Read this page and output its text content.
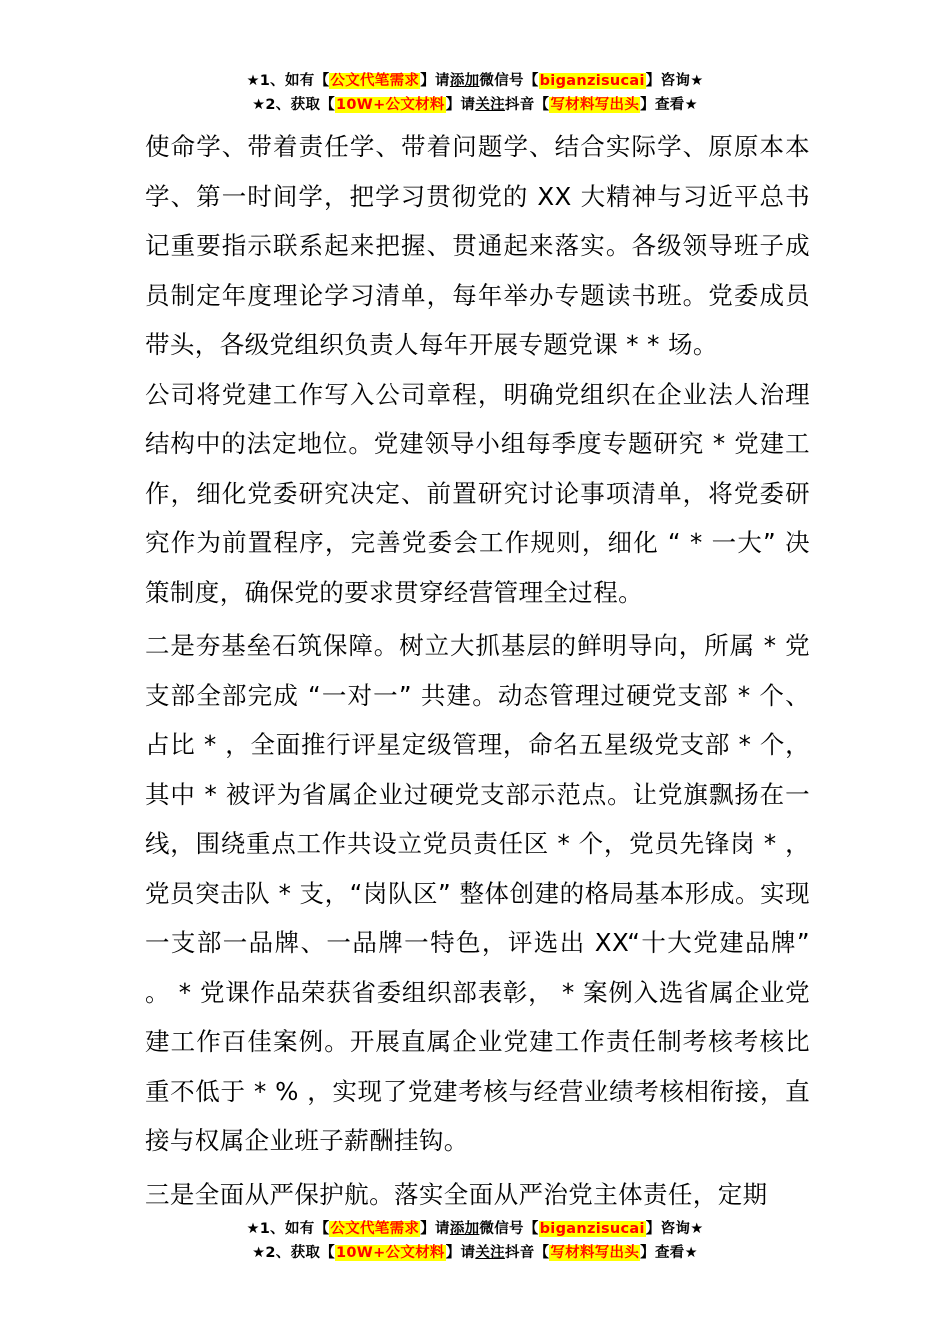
★1、如有【公文代笔需求】请添加微信号【biganzisucai】咨询★
★2、获取【10W+公文材料】请关注抖音【写材料写出头】查看★

使命学、带着责任学、带着问题学、结合实际学、原原本本学、第一时间学，把学习贯彻党的 XX 大精神与习近平总书记重要指示联系起来把握、贯通起来落实。各级领导班子成员制定年度理论学习清单，每年举办专题读书班。党委成员带头，各级党组织负责人每年开展专题党课 * * 场。

公司将党建工作写入公司章程，明确党组织在企业法人治理结构中的法定地位。党建领导小组每季度专题研究 * 党建工作，细化党委研究决定、前置研究讨论事项清单，将党委研究作为前置程序，完善党委会工作规则，细化 “ * 一大” 决策制度，确保党的要求贯穿经营管理全过程。

二是夯基垒石筑保障。树立大抓基层的鲜明导向，所属 * 党支部全部完成 “一对一” 共建。动态管理过硬党支部 * 个、占比 * ，全面推行评星定级管理，命名五星级党支部 * 个，其中 * 被评为省属企业过硬党支部示范点。让党旗飘扬在一线，围绕重点工作共设立党员责任区 * 个，党员先锋岗 * ，党员突击队 * 支，“岗队区” 整体创建的格局基本形成。实现一支部一品牌、一品牌一特色，评选出 XX“十大党建品牌” 。 * 党课作品荣获省委组织部表彰， * 案例入选省属企业党建工作百佳案例。开展直属企业党建工作责任制考核考核比重不低于 * % ，实现了党建考核与经营业绩考核相衔接，直接与权属企业班子薪酬挂钩。

三是全面从严保护航。落实全面从严治党主体责任，定期

★1、如有【公文代笔需求】请添加微信号【biganzisucai】咨询★
★2、获取【10W+公文材料】请关注抖音【写材料写出头】查看★
